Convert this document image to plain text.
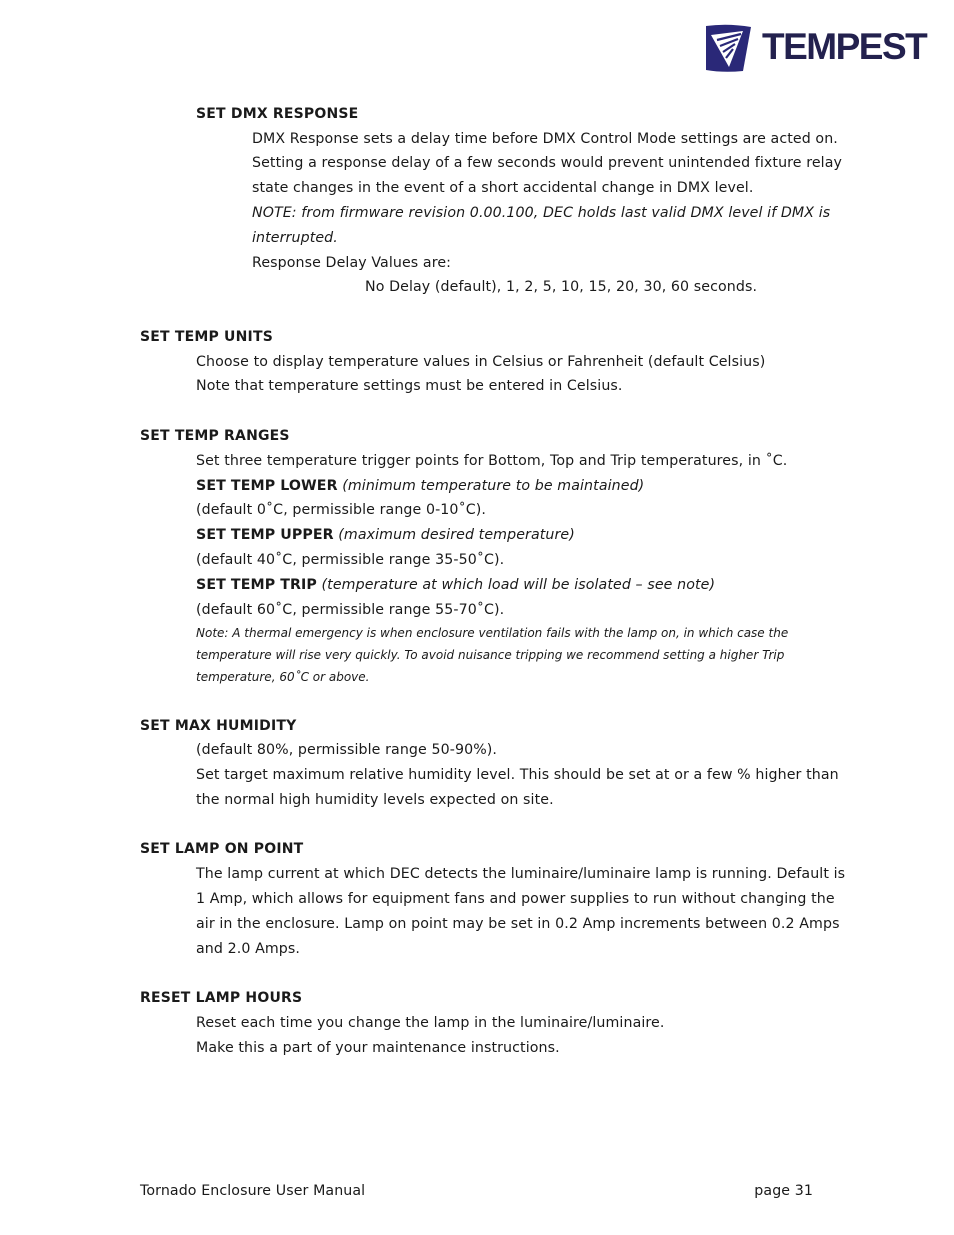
TEMPEST
SET DMX RESPONSE
DMX Response sets a delay time before DMX Control Mode settings are acted on.
Setting a response delay of a few seconds would prevent unintended fixture relay
state changes in the event of a short accidental change in DMX level.
NOTE: from firmware revision 0.00.100, DEC holds last valid DMX level if DMX is
interrupted.
Response Delay Values are:
No Delay (default), 1, 2, 5, 10, 15, 20, 30, 60 seconds.
SET TEMP UNITS
Choose to display temperature values in Celsius or Fahrenheit (default Celsius)
Note that temperature settings must be entered in Celsius.
SET TEMP RANGES
Set three temperature trigger points for Bottom, Top and Trip temperatures, in ˚C.
SET TEMP LOWER (minimum temperature to be maintained)
(default 0˚C, permissible range 0-10˚C).
SET TEMP UPPER (maximum desired temperature)
(default 40˚C, permissible range 35-50˚C).
SET TEMP TRIP (temperature at which load will be isolated – see note)
(default 60˚C, permissible range 55-70˚C).
Note: A thermal emergency is when enclosure ventilation fails with the lamp on, in which case the
temperature will rise very quickly. To avoid nuisance tripping we recommend setting a higher Trip
temperature, 60˚C or above.
SET MAX HUMIDITY
(default 80%, permissible range 50-90%).
Set target maximum relative humidity level. This should be set at or a few % higher than
the normal high humidity levels expected on site.
SET LAMP ON POINT
The lamp current at which DEC detects the luminaire/luminaire lamp is running. Default is
1 Amp, which allows for equipment fans and power supplies to run without changing the
air in the enclosure. Lamp on point may be set in 0.2 Amp increments between 0.2 Amps
and 2.0 Amps.
RESET LAMP HOURS
Reset each time you change the lamp in the luminaire/luminaire.
Make this a part of your maintenance instructions.
Tornado Enclosure User Manual	page 31
